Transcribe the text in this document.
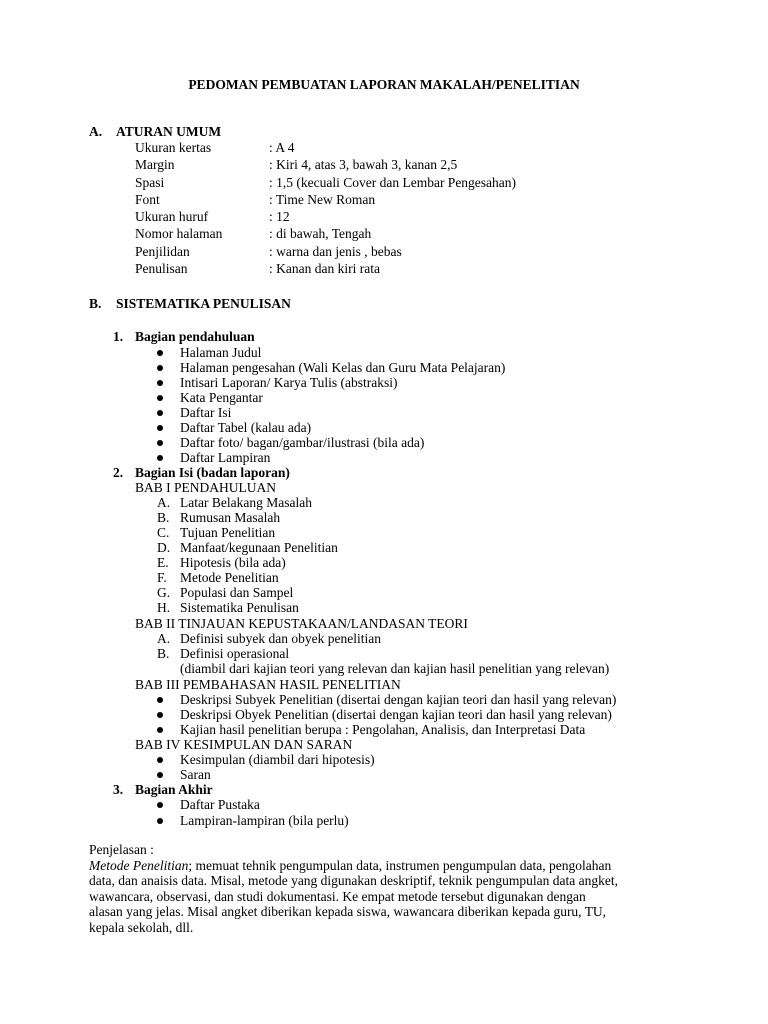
PEDOMAN PEMBUATAN LAPORAN MAKALAH/PENELITIAN
A. ATURAN UMUM
Ukuran kertas	: A 4
Margin	: Kiri 4, atas 3, bawah 3, kanan 2,5
Spasi	: 1,5 (kecuali Cover dan Lembar Pengesahan)
Font	: Time New Roman
Ukuran huruf	: 12
Nomor halaman	: di bawah, Tengah
Penjilidan	: warna dan jenis , bebas
Penulisan	: Kanan dan kiri rata
B. SISTEMATIKA PENULISAN
1. Bagian pendahuluan
Halaman Judul
Halaman pengesahan (Wali Kelas dan Guru Mata Pelajaran)
Intisari Laporan/ Karya Tulis (abstraksi)
Kata Pengantar
Daftar Isi
Daftar Tabel (kalau ada)
Daftar foto/ bagan/gambar/ilustrasi (bila ada)
Daftar Lampiran
2. Bagian Isi (badan laporan)
BAB I PENDAHULUAN
A. Latar Belakang Masalah
B. Rumusan Masalah
C. Tujuan Penelitian
D. Manfaat/kegunaan Penelitian
E. Hipotesis (bila ada)
F. Metode Penelitian
G. Populasi dan Sampel
H. Sistematika Penulisan
BAB II TINJAUAN KEPUSTAKAAN/LANDASAN TEORI
A. Definisi subyek dan obyek penelitian
B. Definisi operasional
(diambil dari kajian teori yang relevan dan kajian hasil penelitian yang relevan)
BAB III PEMBAHASAN HASIL PENELITIAN
Deskripsi Subyek Penelitian (disertai dengan kajian teori dan hasil yang relevan)
Deskripsi Obyek Penelitian (disertai dengan kajian teori dan hasil yang relevan)
Kajian hasil penelitian berupa : Pengolahan, Analisis, dan Interpretasi Data
BAB IV KESIMPULAN DAN SARAN
Kesimpulan (diambil dari hipotesis)
Saran
3. Bagian Akhir
Daftar Pustaka
Lampiran-lampiran (bila perlu)
Penjelasan :
Metode Penelitian; memuat tehnik pengumpulan data, instrumen pengumpulan data, pengolahan
data, dan anaisis data. Misal, metode yang digunakan deskriptif, teknik pengumpulan data angket,
wawancara, observasi, dan studi dokumentasi. Ke empat metode tersebut digunakan dengan
alasan yang jelas. Misal angket diberikan kepada siswa, wawancara diberikan kepada guru, TU,
kepala sekolah, dll.
